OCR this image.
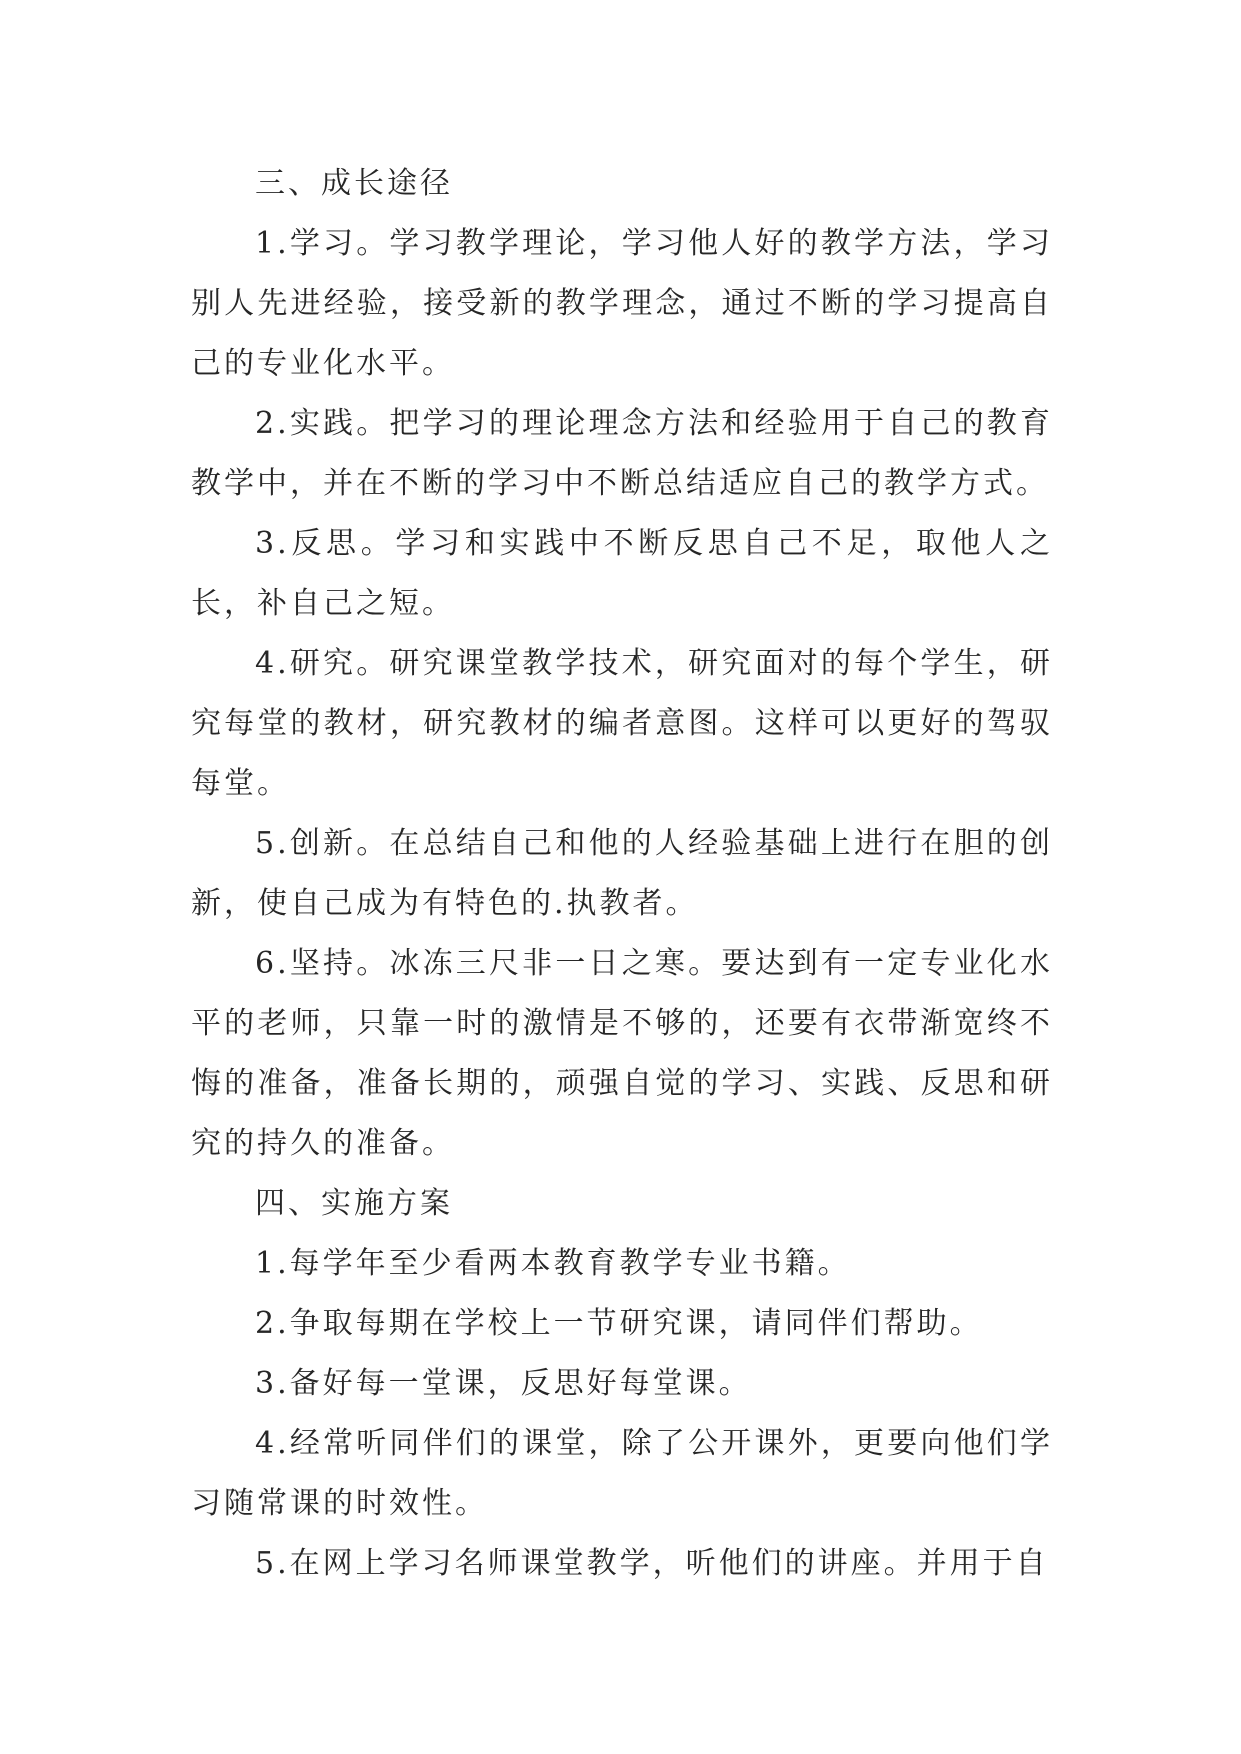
三、成长途径

1.学习。学习教学理论，学习他人好的教学方法，学习别人先进经验，接受新的教学理念，通过不断的学习提高自己的专业化水平。

2.实践。把学习的理论理念方法和经验用于自己的教育教学中，并在不断的学习中不断总结适应自己的教学方式。

3.反思。学习和实践中不断反思自己不足，取他人之长，补自己之短。

4.研究。研究课堂教学技术，研究面对的每个学生，研究每堂的教材，研究教材的编者意图。这样可以更好的驾驭每堂。

5.创新。在总结自己和他的人经验基础上进行在胆的创新，使自己成为有特色的.执教者。

6.坚持。冰冻三尺非一日之寒。要达到有一定专业化水平的老师，只靠一时的激情是不够的，还要有衣带渐宽终不悔的准备，准备长期的，顽强自觉的学习、实践、反思和研究的持久的准备。

四、实施方案

1.每学年至少看两本教育教学专业书籍。

2.争取每期在学校上一节研究课，请同伴们帮助。

3.备好每一堂课，反思好每堂课。

4.经常听同伴们的课堂，除了公开课外，更要向他们学习随常课的时效性。

5.在网上学习名师课堂教学，听他们的讲座。并用于自
